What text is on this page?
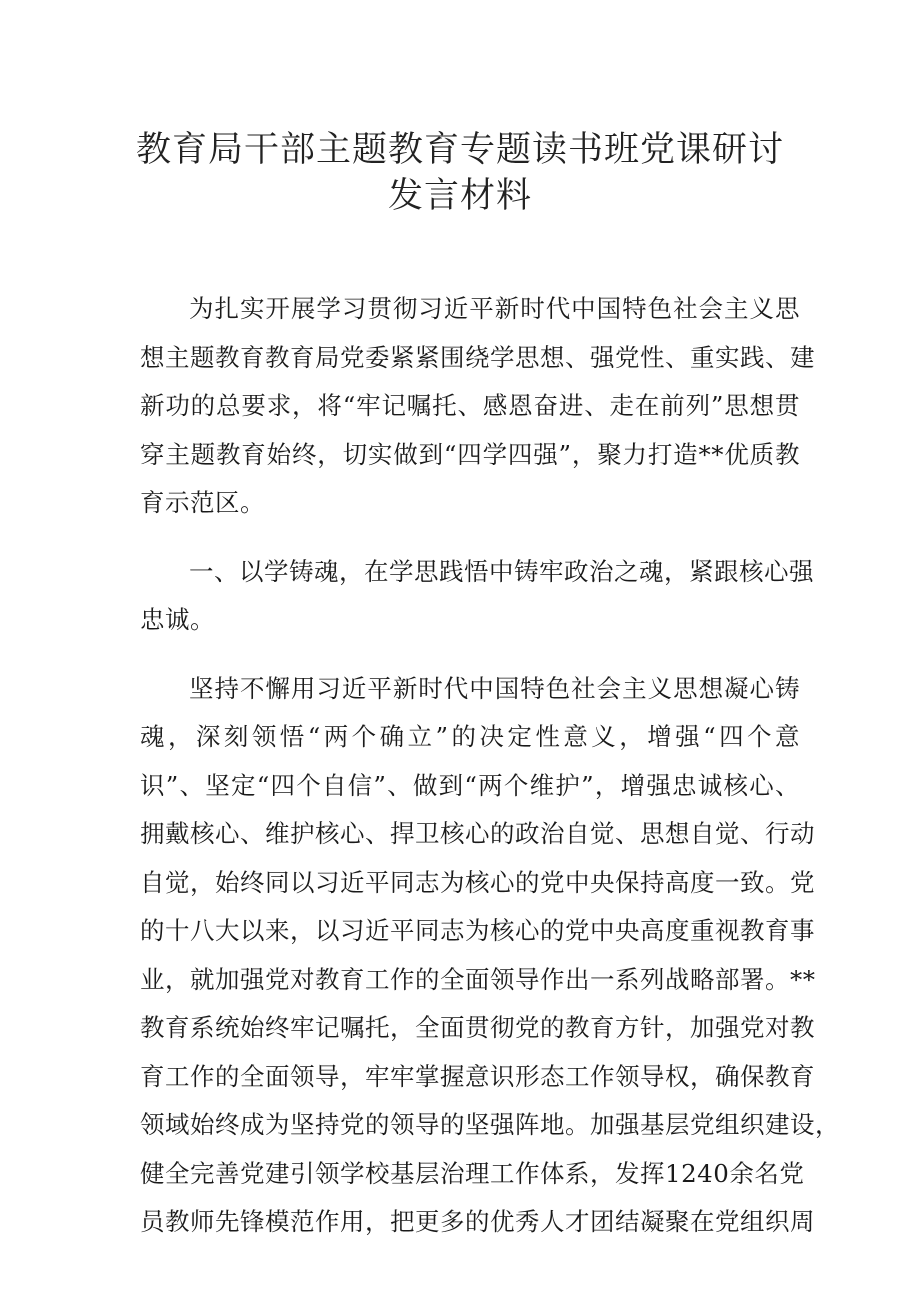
教育局干部主题教育专题读书班党课研讨
发言材料
为扎实开展学习贯彻习近平新时代中国特色社会主义思
想主题教育教育局党委紧紧围绕学思想、强党性、重实践、建
新功的总要求，将“牢记嘱托、感恩奋进、走在前列”思想贯
穿主题教育始终，切实做到“四学四强”，聚力打造**优质教
育示范区。
一、以学铸魂，在学思践悟中铸牢政治之魂，紧跟核心强
忠诚。
坚持不懈用习近平新时代中国特色社会主义思想凝心铸
魂，深刻领悟“两个确立”的决定性意义，增强“四个意
识”、坚定“四个自信”、做到“两个维护”，增强忠诚核心、
拥戴核心、维护核心、捍卫核心的政治自觉、思想自觉、行动
自觉，始终同以习近平同志为核心的党中央保持高度一致。党
的十八大以来，以习近平同志为核心的党中央高度重视教育事
业，就加强党对教育工作的全面领导作出一系列战略部署。**
教育系统始终牢记嘱托，全面贯彻党的教育方针，加强党对教
育工作的全面领导，牢牢掌握意识形态工作领导权，确保教育
领域始终成为坚持党的领导的坚强阵地。加强基层党组织建设，
健全完善党建引领学校基层治理工作体系，发挥1240余名党
员教师先锋模范作用，把更多的优秀人才团结凝聚在党组织周
